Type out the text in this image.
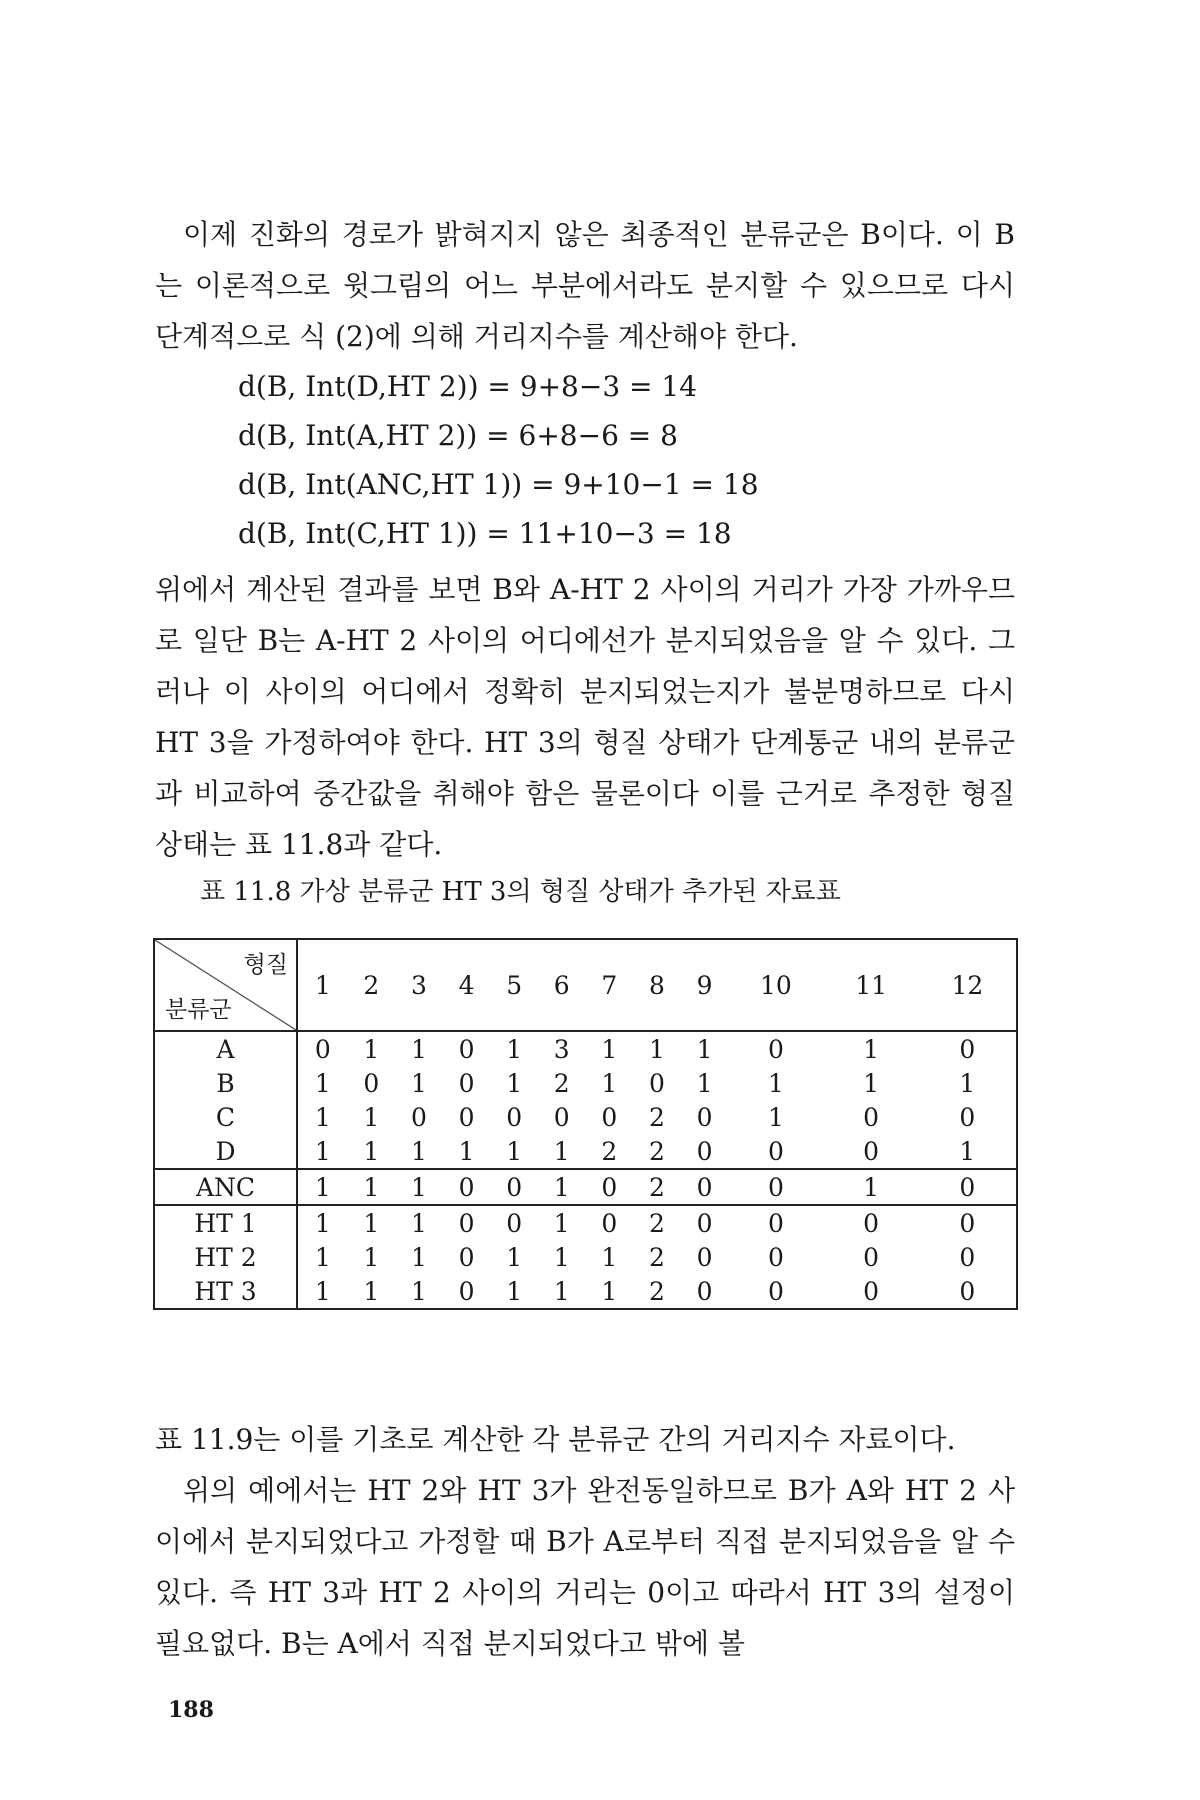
이제 진화의 경로가 밝혀지지 않은 최종적인 분류군은 B이다. 이 B는 이론적으로 윗그림의 어느 부분에서라도 분지할 수 있으므로 다시 단계적으로 식 (2)에 의해 거리지수를 계산해야 한다.

d(B, Int(D,HT 2)) = 9+8−3 = 14

d(B, Int(A,HT 2)) = 6+8−6 = 8

d(B, Int(ANC,HT 1)) = 9+10−1 = 18

d(B, Int(C,HT 1)) = 11+10−3 = 18

위에서 계산된 결과를 보면 B와 A-HT 2 사이의 거리가 가장 가까우므로 일단 B는 A-HT 2 사이의 어디에선가 분지되었음을 알 수 있다. 그러나 이 사이의 어디에서 정확히 분지되었는지가 불분명하므로 다시 HT 3을 가정하여야 한다. HT 3의 형질 상태가 단계통군 내의 분류군과 비교하여 중간값을 취해야 함은 물론이다 이를 근거로 추정한 형질 상태는 표 11.8과 같다.

표 11.8 가상 분류군 HT 3의 형질 상태가 추가된 자료표

형질
분류군	1	2	3	4	5	6	7	8	9	10	11	12
A	0	1	1	0	1	3	1	1	1	0	1	0
B	1	0	1	0	1	2	1	0	1	1	1	1
C	1	1	0	0	0	0	0	2	0	1	0	0
D	1	1	1	1	1	1	2	2	0	0	0	1
ANC	1	1	1	0	0	1	0	2	0	0	1	0
HT 1	1	1	1	0	0	1	0	2	0	0	0	0
HT 2	1	1	1	0	1	1	1	2	0	0	0	0
HT 3	1	1	1	0	1	1	1	2	0	0	0	0

표 11.9는 이를 기초로 계산한 각 분류군 간의 거리지수 자료이다.

위의 예에서는 HT 2와 HT 3가 완전동일하므로 B가 A와 HT 2 사이에서 분지되었다고 가정할 때 B가 A로부터 직접 분지되었음을 알 수 있다. 즉 HT 3과 HT 2 사이의 거리는 0이고 따라서 HT 3의 설정이 필요없다. B는 A에서 직접 분지되었다고 밖에 볼

188
